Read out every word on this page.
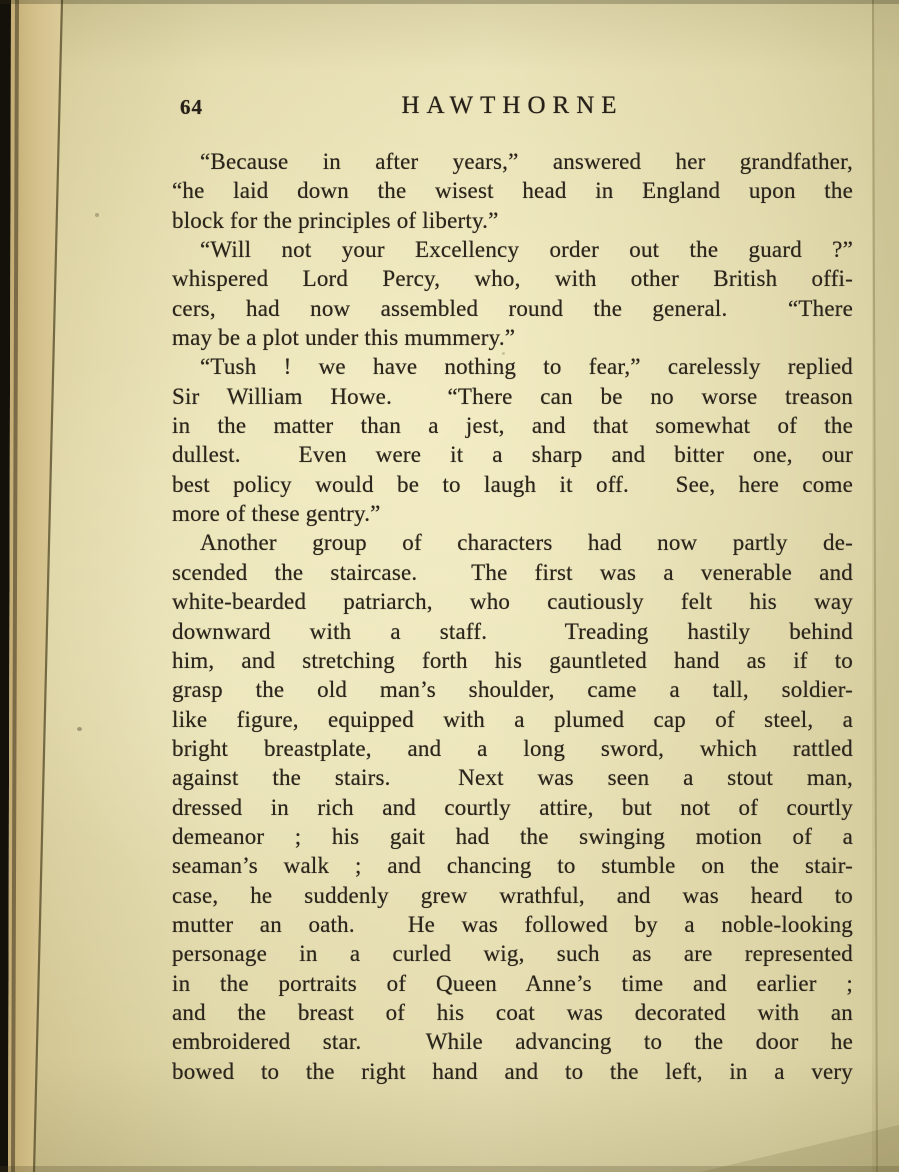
64	HAWTHORNE
“Because in after years,” answered her grandfather,
“he laid down the wisest head in England upon the
block for the principles of liberty.”
“Will not your Excellency order out the guard ?”
whispered Lord Percy, who, with other British offi-
cers, had now assembled round the general.  “There
may be a plot under this mummery.”
“Tush ! we have nothing to fear,” carelessly replied
Sir William Howe.  “There can be no worse treason
in the matter than a jest, and that somewhat of the
dullest.  Even were it a sharp and bitter one, our
best policy would be to laugh it off.  See, here come
more of these gentry.”
Another group of characters had now partly de-
scended the staircase.  The first was a venerable and
white-bearded patriarch, who cautiously felt his way
downward with a staff.  Treading hastily behind
him, and stretching forth his gauntleted hand as if to
grasp the old man’s shoulder, came a tall, soldier-
like figure, equipped with a plumed cap of steel, a
bright breastplate, and a long sword, which rattled
against the stairs.  Next was seen a stout man,
dressed in rich and courtly attire, but not of courtly
demeanor ; his gait had the swinging motion of a
seaman’s walk ; and chancing to stumble on the stair-
case, he suddenly grew wrathful, and was heard to
mutter an oath.  He was followed by a noble-looking
personage in a curled wig, such as are represented
in the portraits of Queen Anne’s time and earlier ;
and the breast of his coat was decorated with an
embroidered star.  While advancing to the door he
bowed to the right hand and to the left, in a very
